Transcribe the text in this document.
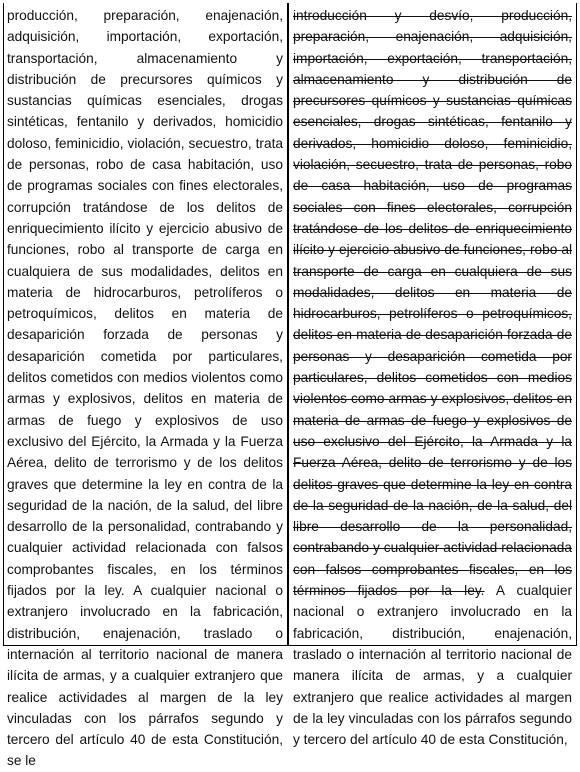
producción, preparación, enajenación, adquisición, importación, exportación, transportación, almacenamiento y distribución de precursores químicos y sustancias químicas esenciales, drogas sintéticas, fentanilo y derivados, homicidio doloso, feminicidio, violación, secuestro, trata de personas, robo de casa habitación, uso de programas sociales con fines electorales, corrupción tratándose de los delitos de enriquecimiento ilícito y ejercicio abusivo de funciones, robo al transporte de carga en cualquiera de sus modalidades, delitos en materia de hidrocarburos, petrolíferos o petroquímicos, delitos en materia de desaparición forzada de personas y desaparición cometida por particulares, delitos cometidos con medios violentos como armas y explosivos, delitos en materia de armas de fuego y explosivos de uso exclusivo del Ejército, la Armada y la Fuerza Aérea, delito de terrorismo y de los delitos graves que determine la ley en contra de la seguridad de la nación, de la salud, del libre desarrollo de la personalidad, contrabando y cualquier actividad relacionada con falsos comprobantes fiscales, en los términos fijados por la ley. A cualquier nacional o extranjero involucrado en la fabricación, distribución, enajenación, traslado o internación al territorio nacional de manera ilícita de armas, y a cualquier extranjero que realice actividades al margen de la ley vinculadas con los párrafos segundo y tercero del artículo 40 de esta Constitución, se le
introducción y desvío, producción, preparación, enajenación, adquisición, importación, exportación, transportación, almacenamiento y distribución de precursores químicos y sustancias químicas esenciales, drogas sintéticas, fentanilo y derivados, homicidio doloso, feminicidio, violación, secuestro, trata de personas, robo de casa habitación, uso de programas sociales con fines electorales, corrupción tratándose de los delitos de enriquecimiento ilícito y ejercicio abusivo de funciones, robo al transporte de carga en cualquiera de sus modalidades, delitos en materia de hidrocarburos, petrolíferos o petroquímicos, delitos en materia de desaparición forzada de personas y desaparición cometida por particulares, delitos cometidos con medios violentos como armas y explosivos, delitos en materia de armas de fuego y explosivos de uso exclusivo del Ejército, la Armada y la Fuerza Aérea, delito de terrorismo y de los delitos graves que determine la ley en contra de la seguridad de la nación, de la salud, del libre desarrollo de la personalidad, contrabando y cualquier actividad relacionada con falsos comprobantes fiscales, en los términos fijados por la ley. A cualquier nacional o extranjero involucrado en la fabricación, distribución, enajenación, traslado o internación al territorio nacional de manera ilícita de armas, y a cualquier extranjero que realice actividades al margen de la ley vinculadas con los párrafos segundo y tercero del artículo 40 de esta Constitución,
